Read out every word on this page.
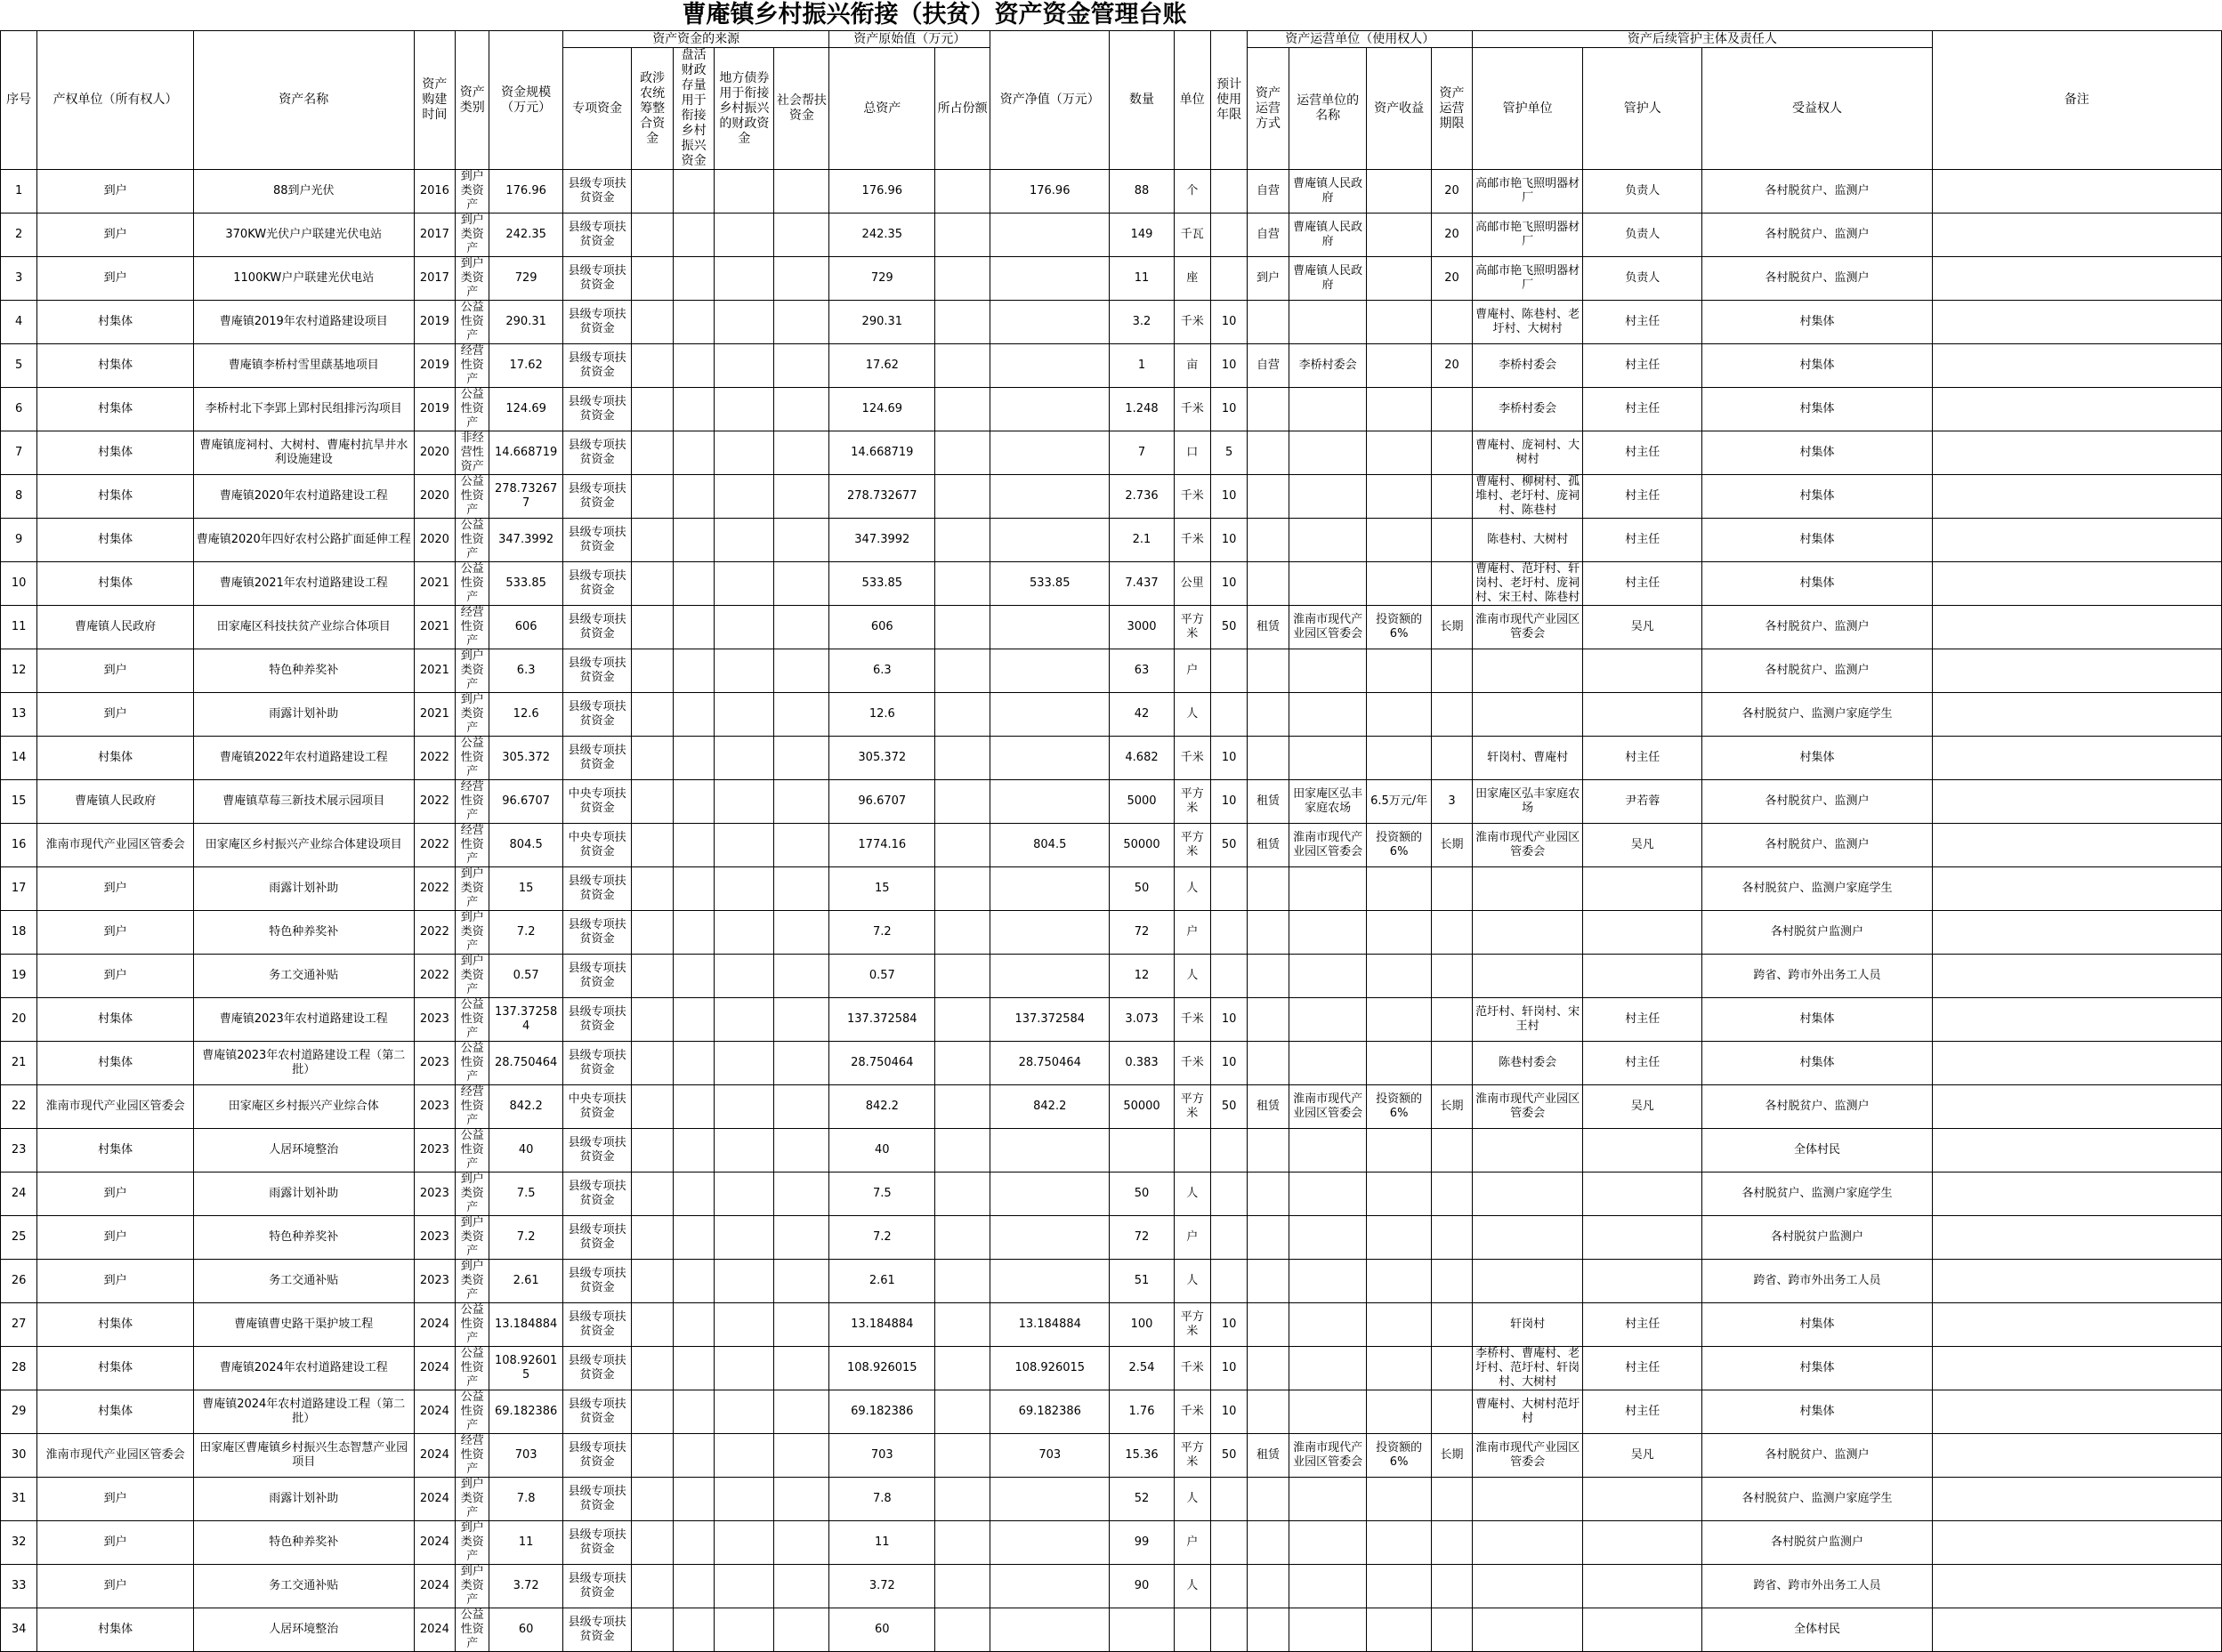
曹庵镇乡村振兴衔接（扶贫）资产资金管理台账
序号	产权单位（所有权人）	资产名称	资产购建时间	资产类别	资金规模（万元）	资产资金的来源					资产原始值（万元）		资产净值（万元）	数量	单位	预计使用年限	资产运营单位（使用权人）				资产后续管护主体及责任人			备注
						专项资金	政涉农统筹整合资金	盘活财政存量用于衔接乡村振兴资金	地方债券用于衔接乡村振兴的财政资金	社会帮扶资金	总资产	所占份额					资产运营方式	运营单位的名称	资产收益	资产运营期限	管护单位	管护人	受益权人	
1	到户	88到户光伏	2016	到户类资产	176.96	县级专项扶贫资金					176.96		176.96	88	个		自营	曹庵镇人民政府		20	高邮市艳飞照明器材厂	负责人	各村脱贫户、监测户	
2	到户	370KW光伏户户联建光伏电站	2017	到户类资产	242.35	县级专项扶贫资金					242.35			149	千瓦		自营	曹庵镇人民政府		20	高邮市艳飞照明器材厂	负责人	各村脱贫户、监测户	
3	到户	1100KW户户联建光伏电站	2017	到户类资产	729	县级专项扶贫资金					729			11	座		到户	曹庵镇人民政府		20	高邮市艳飞照明器材厂	负责人	各村脱贫户、监测户	
4	村集体	曹庵镇2019年农村道路建设项目	2019	公益性资产	290.31	县级专项扶贫资金					290.31			3.2	千米	10					曹庵村、陈巷村、老圩村、大树村	村主任	村集体	
5	村集体	曹庵镇李桥村雪里蕻基地项目	2019	经营性资产	17.62	县级专项扶贫资金					17.62			1	亩	10	自营	李桥村委会		20	李桥村委会	村主任	村集体	
6	村集体	李桥村北下李郢上郢村民组排污沟项目	2019	公益性资产	124.69	县级专项扶贫资金					124.69			1.248	千米	10					李桥村委会	村主任	村集体	
7	村集体	曹庵镇庞祠村、大树村、曹庵村抗旱井水利设施建设	2020	非经营性资产	14.668719	县级专项扶贫资金					14.668719			7	口	5					曹庵村、庞祠村、大树村	村主任	村集体	
8	村集体	曹庵镇2020年农村道路建设工程	2020	公益性资产	278.732677	县级专项扶贫资金					278.732677			2.736	千米	10					曹庵村、柳树村、孤堆村、老圩村、庞祠村、陈巷村	村主任	村集体	
9	村集体	曹庵镇2020年四好农村公路扩面延伸工程	2020	公益性资产	347.3992	县级专项扶贫资金					347.3992			2.1	千米	10					陈巷村、大树村	村主任	村集体	
10	村集体	曹庵镇2021年农村道路建设工程	2021	公益性资产	533.85	县级专项扶贫资金					533.85		533.85	7.437	公里	10					曹庵村、范圩村、轩岗村、老圩村、庞祠村、宋王村、陈巷村	村主任	村集体	
11	曹庵镇人民政府	田家庵区科技扶贫产业综合体项目	2021	经营性资产	606	县级专项扶贫资金					606			3000	平方米	50	租赁	淮南市现代产业园区管委会	投资额的6%	长期	淮南市现代产业园区管委会	吴凡	各村脱贫户、监测户	
12	到户	特色种养奖补	2021	到户类资产	6.3	县级专项扶贫资金					6.3			63	户								各村脱贫户、监测户	
13	到户	雨露计划补助	2021	到户类资产	12.6	县级专项扶贫资金					12.6			42	人								各村脱贫户、监测户家庭学生	
14	村集体	曹庵镇2022年农村道路建设工程	2022	公益性资产	305.372	县级专项扶贫资金					305.372			4.682	千米	10					轩岗村、曹庵村	村主任	村集体	
15	曹庵镇人民政府	曹庵镇草莓三新技术展示园项目	2022	经营性资产	96.6707	中央专项扶贫资金					96.6707			5000	平方米	10	租赁	田家庵区弘丰家庭农场	6.5万元/年	3	田家庵区弘丰家庭农场	尹若蓉	各村脱贫户、监测户	
16	淮南市现代产业园区管委会	田家庵区乡村振兴产业综合体建设项目	2022	经营性资产	804.5	中央专项扶贫资金					1774.16		804.5	50000	平方米	50	租赁	淮南市现代产业园区管委会	投资额的6%	长期	淮南市现代产业园区管委会	吴凡	各村脱贫户、监测户	
17	到户	雨露计划补助	2022	到户类资产	15	县级专项扶贫资金					15			50	人								各村脱贫户、监测户家庭学生	
18	到户	特色种养奖补	2022	到户类资产	7.2	县级专项扶贫资金					7.2			72	户								各村脱贫户监测户	
19	到户	务工交通补贴	2022	到户类资产	0.57	县级专项扶贫资金					0.57			12	人								跨省、跨市外出务工人员	
20	村集体	曹庵镇2023年农村道路建设工程	2023	公益性资产	137.372584	县级专项扶贫资金					137.372584		137.372584	3.073	千米	10					范圩村、轩岗村、宋王村	村主任	村集体	
21	村集体	曹庵镇2023年农村道路建设工程（第二批）	2023	公益性资产	28.750464	县级专项扶贫资金					28.750464		28.750464	0.383	千米	10					陈巷村委会	村主任	村集体	
22	淮南市现代产业园区管委会	田家庵区乡村振兴产业综合体	2023	经营性资产	842.2	中央专项扶贫资金					842.2		842.2	50000	平方米	50	租赁	淮南市现代产业园区管委会	投资额的6%	长期	淮南市现代产业园区管委会	吴凡	各村脱贫户、监测户	
23	村集体	人居环境整治	2023	公益性资产	40	县级专项扶贫资金					40												全体村民	
24	到户	雨露计划补助	2023	到户类资产	7.5	县级专项扶贫资金					7.5			50	人								各村脱贫户、监测户家庭学生	
25	到户	特色种养奖补	2023	到户类资产	7.2	县级专项扶贫资金					7.2			72	户								各村脱贫户监测户	
26	到户	务工交通补贴	2023	到户类资产	2.61	县级专项扶贫资金					2.61			51	人								跨省、跨市外出务工人员	
27	村集体	曹庵镇曹史路干渠护坡工程	2024	公益性资产	13.184884	县级专项扶贫资金					13.184884		13.184884	100	平方米	10					轩岗村	村主任	村集体	
28	村集体	曹庵镇2024年农村道路建设工程	2024	公益性资产	108.926015	县级专项扶贫资金					108.926015		108.926015	2.54	千米	10					李桥村、曹庵村、老圩村、范圩村、轩岗村、大树村	村主任	村集体	
29	村集体	曹庵镇2024年农村道路建设工程（第二批）	2024	公益性资产	69.182386	县级专项扶贫资金					69.182386		69.182386	1.76	千米	10					曹庵村、大树村范圩村	村主任	村集体	
30	淮南市现代产业园区管委会	田家庵区曹庵镇乡村振兴生态智慧产业园项目	2024	经营性资产	703	县级专项扶贫资金					703		703	15.36	平方米	50	租赁	淮南市现代产业园区管委会	投资额的6%	长期	淮南市现代产业园区管委会	吴凡	各村脱贫户、监测户	
31	到户	雨露计划补助	2024	到户类资产	7.8	县级专项扶贫资金					7.8			52	人								各村脱贫户、监测户家庭学生	
32	到户	特色种养奖补	2024	到户类资产	11	县级专项扶贫资金					11			99	户								各村脱贫户监测户	
33	到户	务工交通补贴	2024	到户类资产	3.72	县级专项扶贫资金					3.72			90	人								跨省、跨市外出务工人员	
34	村集体	人居环境整治	2024	公益性资产	60	县级专项扶贫资金					60												全体村民	
